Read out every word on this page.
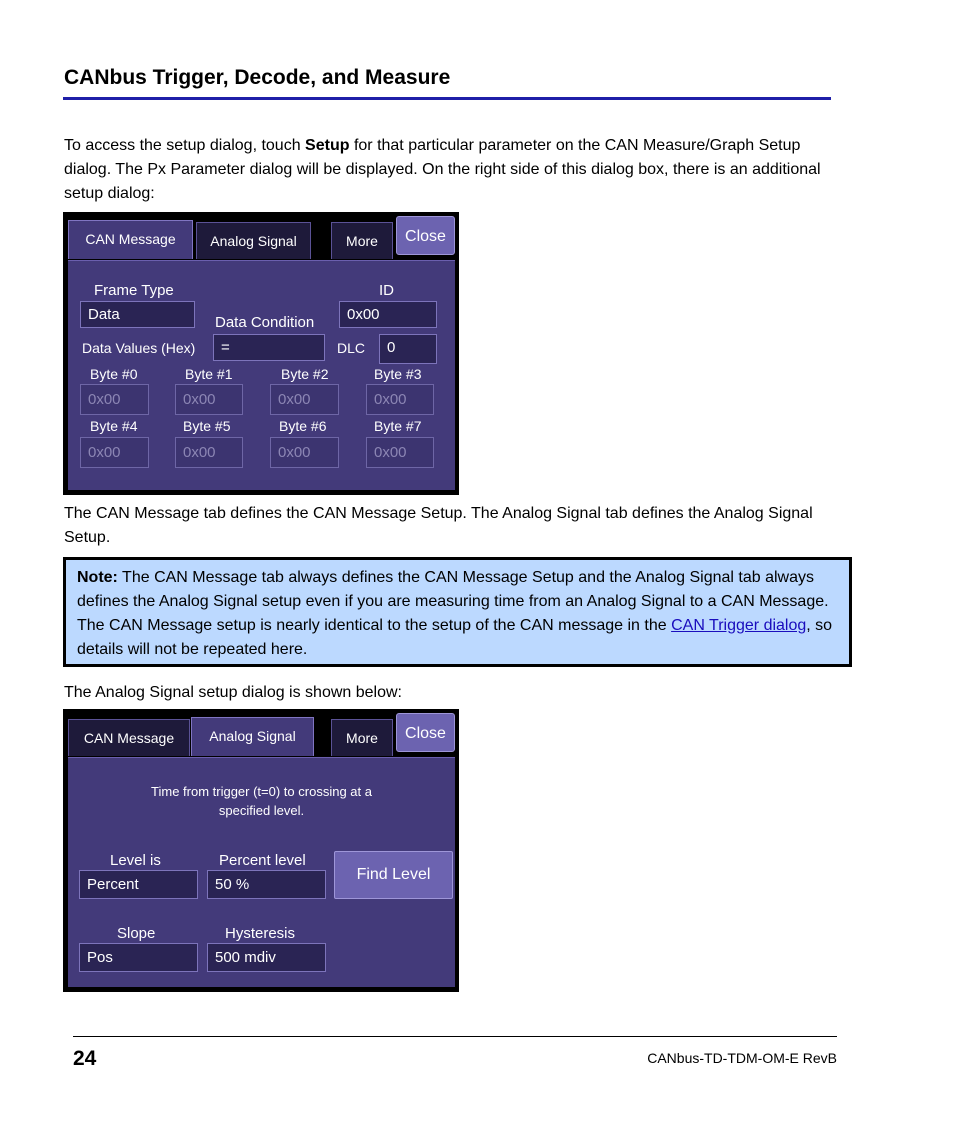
CANbus Trigger, Decode, and Measure
To access the setup dialog, touch Setup for that particular parameter on the CAN Measure/Graph Setup dialog. The Px Parameter dialog will be displayed. On the right side of this dialog box, there is an additional setup dialog:
CAN Message	Analog Signal	More	Close
Frame Type
Data	Data Condition
ID
0x00
Data Values (Hex)	=	DLC	0
Byte #0	Byte #1	Byte #2	Byte #3
0x00	0x00	0x00	0x00
Byte #4	Byte #5	Byte #6	Byte #7
0x00	0x00	0x00	0x00
The CAN Message tab defines the CAN Message Setup. The Analog Signal tab defines the Analog Signal Setup.
Note: The CAN Message tab always defines the CAN Message Setup and the Analog Signal tab always defines the Analog Signal setup even if you are measuring time from an Analog Signal to a CAN Message. The CAN Message setup is nearly identical to the setup of the CAN message in the CAN Trigger dialog, so details will not be repeated here.
The Analog Signal setup dialog is shown below:
CAN Message	Analog Signal	More	Close
Time from trigger (t=0) to crossing at a
specified level.
Level is
Percent
Percent level
50 %
Find Level
Slope
Pos
Hysteresis
500 mdiv
24	CANbus-TD-TDM-OM-E RevB
